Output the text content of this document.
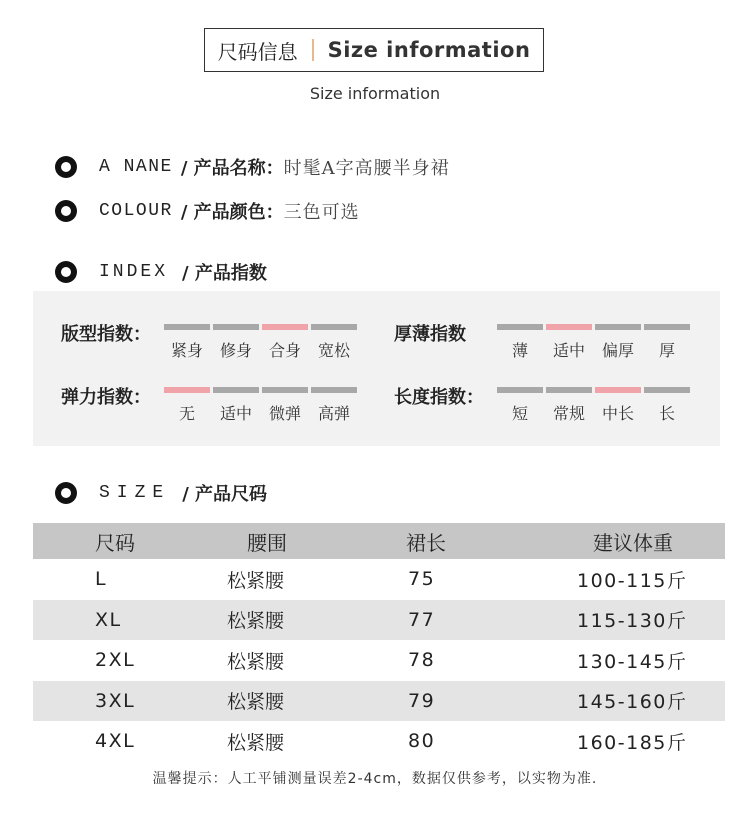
尺码信息 Size information
Size information
A NANE / 产品名称： 时髦A字高腰半身裙
COLOUR / 产品颜色： 三色可选
INDEX / 产品指数
版型指数：
紧身 修身 合身 宽松
厚薄指数
薄 适中 偏厚 厚
弹力指数：
无 适中 微弹 高弹
长度指数：
短 常规 中长 长
SIZE / 产品尺码
尺码	腰围	裙长	建议体重
L	松紧腰	75	100-115斤
XL	松紧腰	77	115-130斤
2XL	松紧腰	78	130-145斤
3XL	松紧腰	79	145-160斤
4XL	松紧腰	80	160-185斤
温馨提示：人工平铺测量误差2-4cm，数据仅供参考，以实物为准.
